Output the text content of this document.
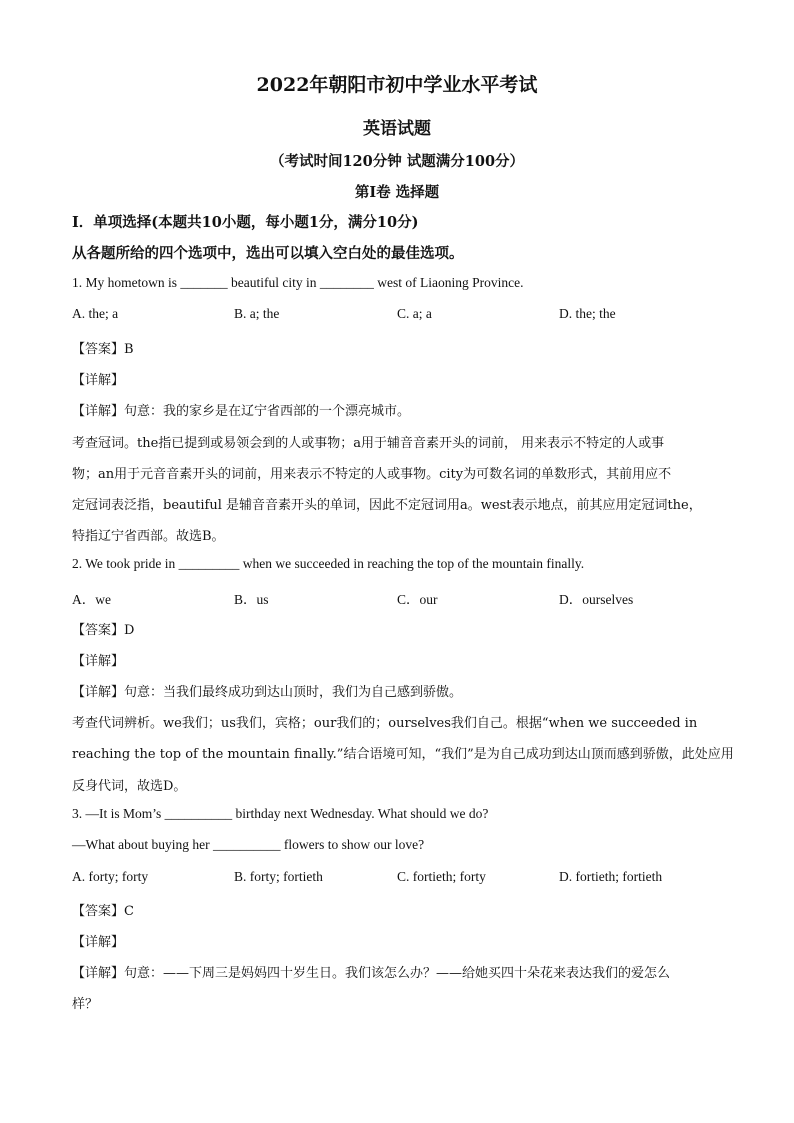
2022年朝阳市初中学业水平考试
英语试题
（考试时间120分钟 试题满分100分）
第Ⅰ卷 选择题
I．单项选择(本题共10小题，每小题1分，满分10分)
从各题所给的四个选项中，选出可以填入空白处的最佳选项。
1. My hometown is _______ beautiful city in ________ west of Liaoning Province.
A. the; a	B. a; the	C. a; a	D. the; the
【答案】B
【详解】
【详解】句意：我的家乡是在辽宁省西部的一个漂亮城市。
考查冠词。the指已提到或易领会到的人或事物；a用于辅音音素开头的词前， 用来表示不特定的人或事
物；an用于元音音素开头的词前，用来表示不特定的人或事物。city为可数名词的单数形式，其前用应不
定冠词表泛指，beautiful 是辅音音素开头的单词，因此不定冠词用a。west表示地点，前其应用定冠词the，
特指辽宁省西部。故选B。
2. We took pride in _________ when we succeeded in reaching the top of the mountain finally.
A．we	B．us	C．our	D．ourselves
【答案】D
【详解】
【详解】句意：当我们最终成功到达山顶时，我们为自己感到骄傲。
考查代词辨析。we我们；us我们，宾格；our我们的；ourselves我们自己。根据“when we succeeded in
reaching the top of the mountain finally.”结合语境可知，“我们”是为自己成功到达山顶而感到骄傲，此处应用
反身代词，故选D。
3. —It is Mom’s __________ birthday next Wednesday. What should we do?
—What about buying her __________ flowers to show our love?
A. forty; forty	B. forty; fortieth	C. fortieth; forty	D. fortieth; fortieth
【答案】C
【详解】
【详解】句意：——下周三是妈妈四十岁生日。我们该怎么办？——给她买四十朵花来表达我们的爱怎么
样？
